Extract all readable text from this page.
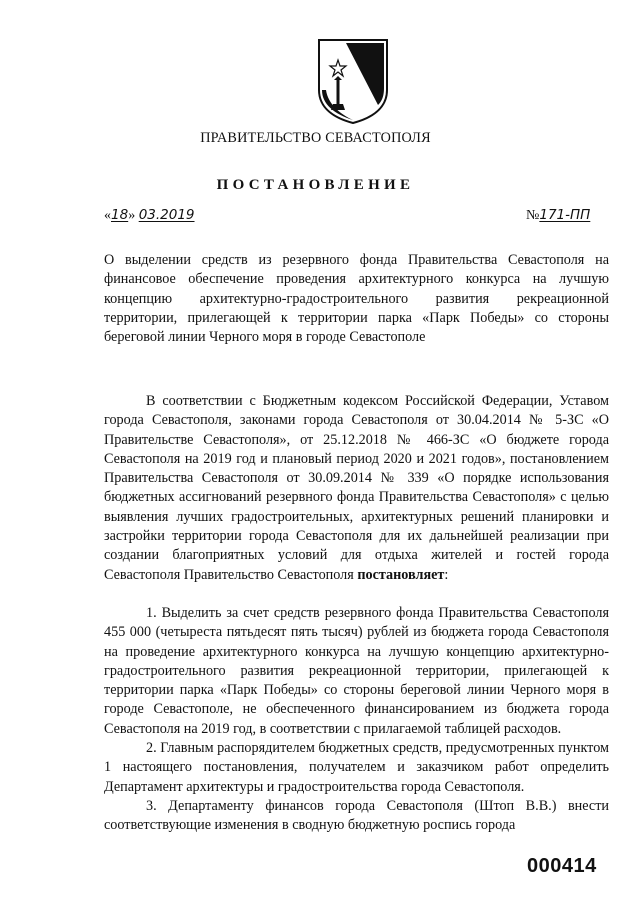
ПРАВИТЕЛЬСТВО СЕВАСТОПОЛЯ
ПОСТАНОВЛЕНИЕ
«18» 03.2019	№171-ПП
О выделении средств из резервного фонда Правительства Севастополя на финансовое обеспечение проведения архитектурного конкурса на лучшую концепцию архитектурно-градостроительного развития рекреационной территории, прилегающей к территории парка «Парк Победы» со стороны береговой линии Черного моря в городе Севастополе

В соответствии с Бюджетным кодексом Российской Федерации, Уставом города Севастополя, законами города Севастополя от 30.04.2014 № 5-ЗС «О Правительстве Севастополя», от 25.12.2018 № 466-ЗС «О бюджете города Севастополя на 2019 год и плановый период 2020 и 2021 годов», постановлением Правительства Севастополя от 30.09.2014 № 339 «О порядке использования бюджетных ассигнований резервного фонда Правительства Севастополя» с целью выявления лучших градостроительных, архитектурных решений планировки и застройки территории города Севастополя для их дальнейшей реализации при создании благоприятных условий для отдыха жителей и гостей города Севастополя Правительство Севастополя постановляет:

1. Выделить за счет средств резервного фонда Правительства Севастополя 455 000 (четыреста пятьдесят пять тысяч) рублей из бюджета города Севастополя на проведение архитектурного конкурса на лучшую концепцию архитектурно-градостроительного развития рекреационной территории, прилегающей к территории парка «Парк Победы» со стороны береговой линии Черного моря в городе Севастополе, не обеспеченного финансированием из бюджета города Севастополя на 2019 год, в соответствии с прилагаемой таблицей расходов.

2. Главным распорядителем бюджетных средств, предусмотренных пунктом 1 настоящего постановления, получателем и заказчиком работ определить Департамент архитектуры и градостроительства города Севастополя.

3. Департаменту финансов города Севастополя (Штоп В.В.) внести соответствующие изменения в сводную бюджетную роспись города

000414
